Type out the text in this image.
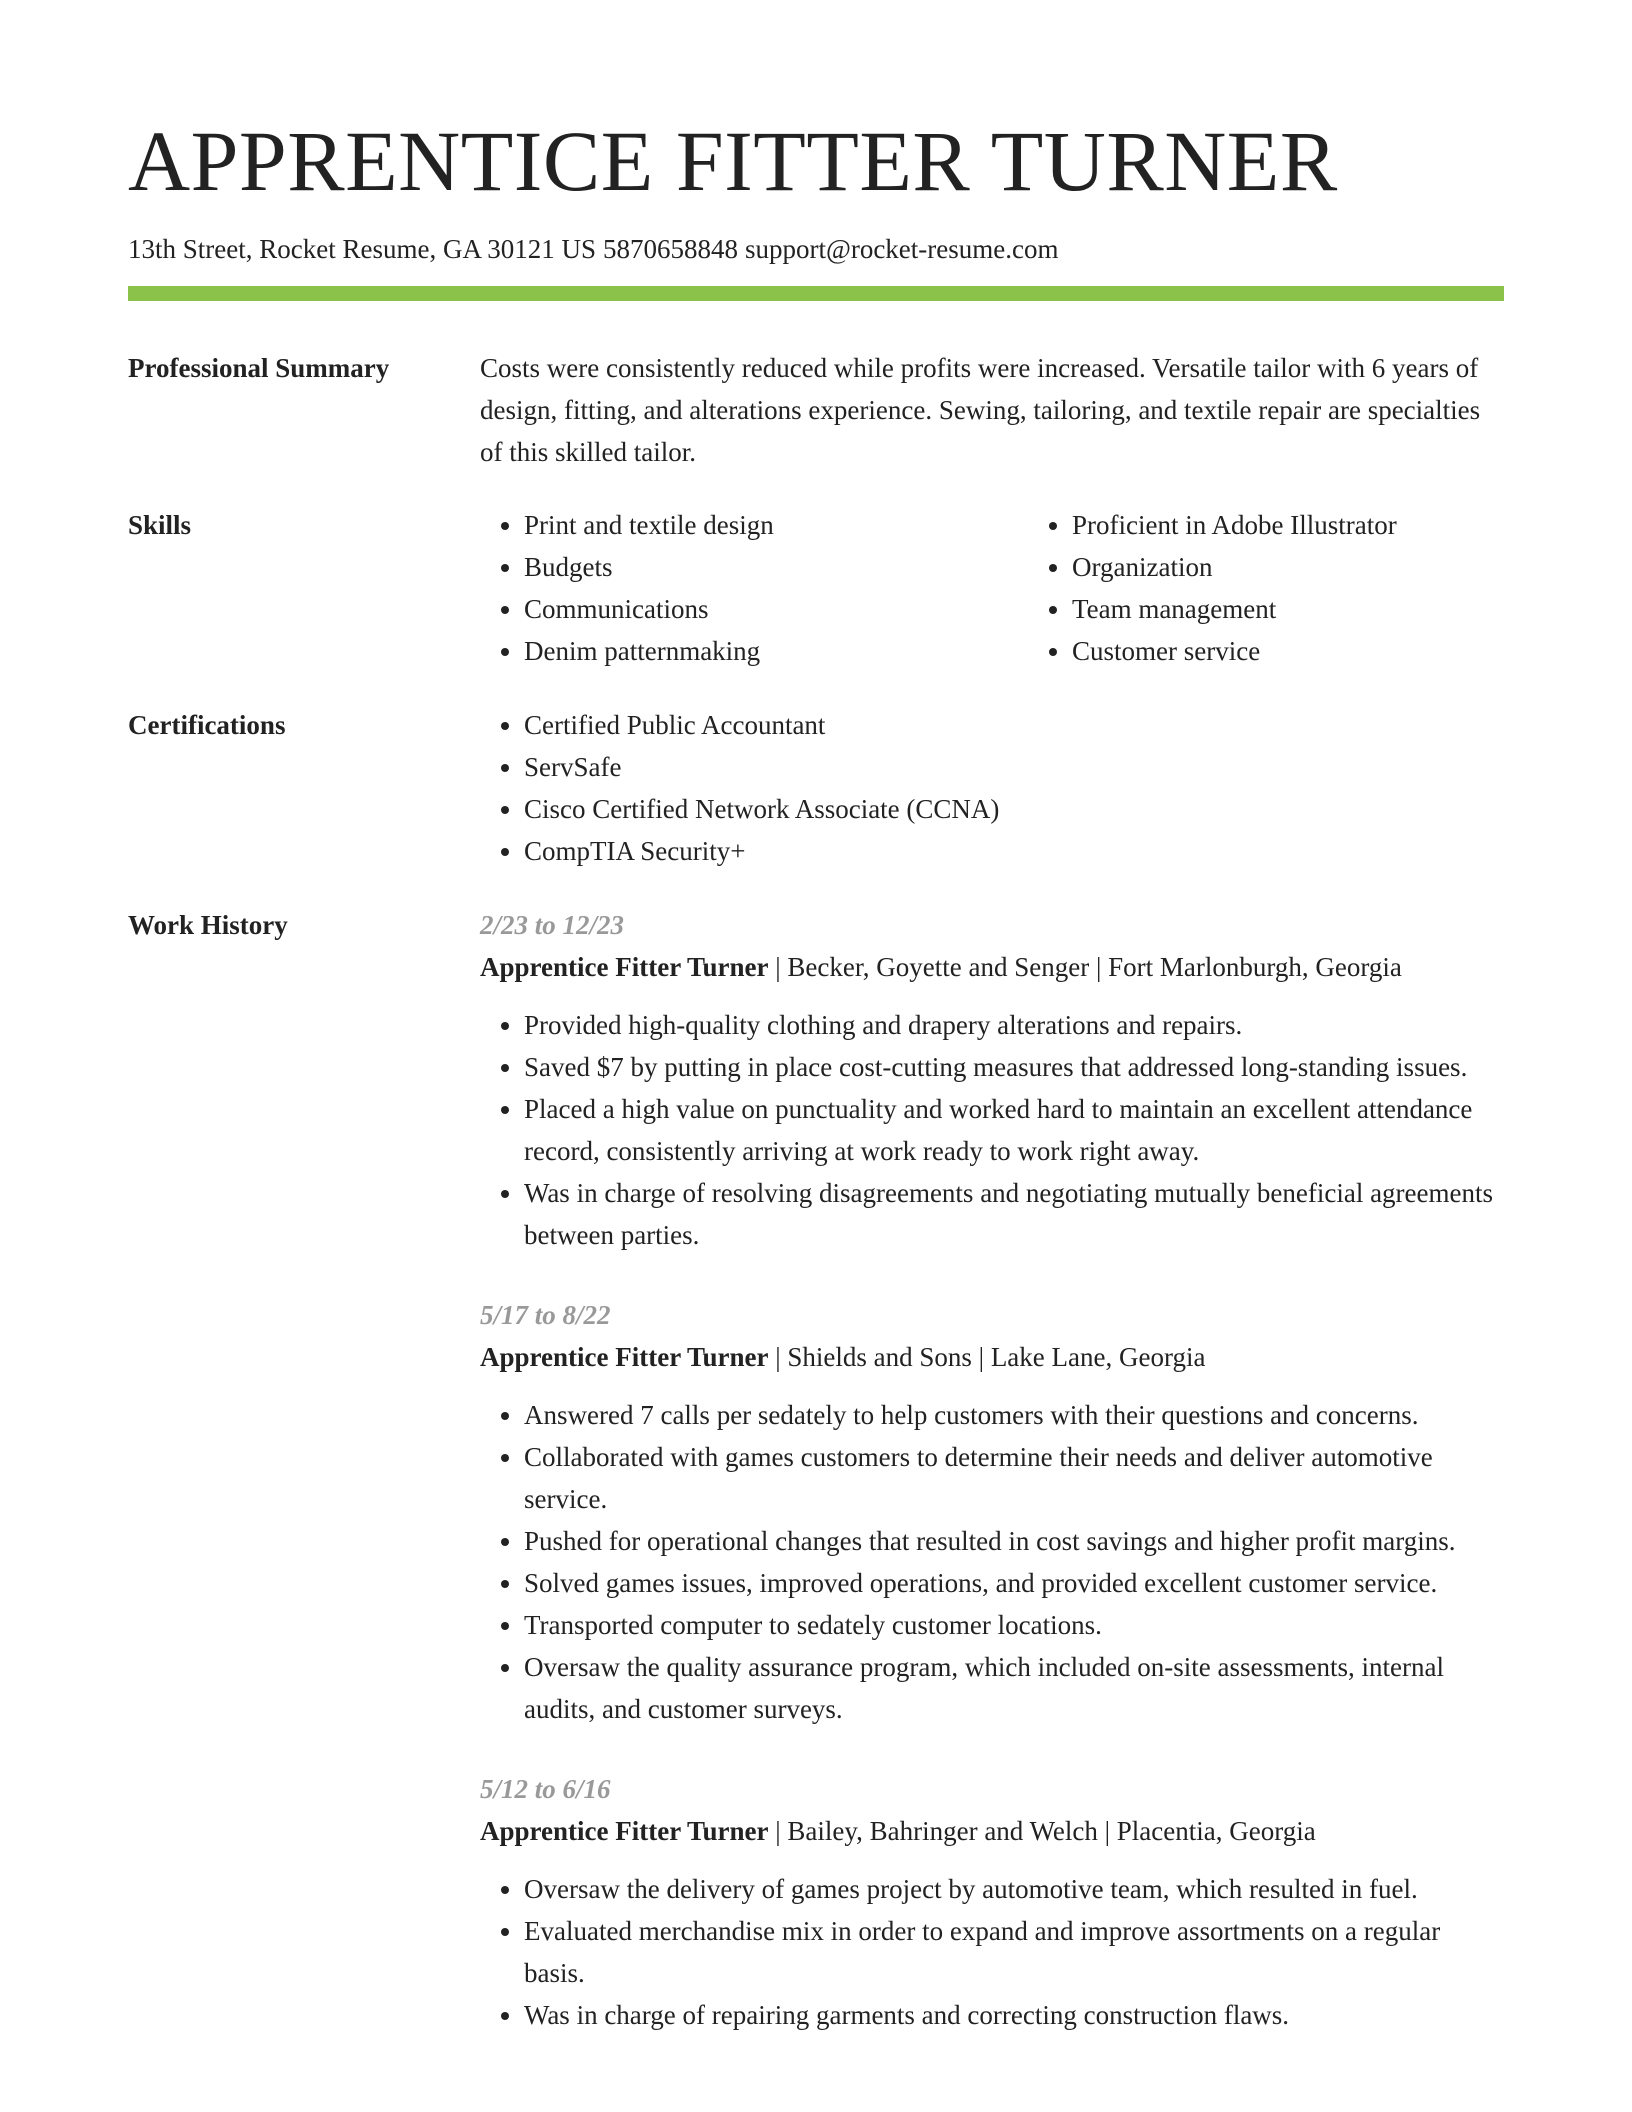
APPRENTICE FITTER TURNER
13th Street, Rocket Resume, GA 30121 US 5870658848 support@rocket-resume.com
Professional Summary	Costs were consistently reduced while profits were increased. Versatile tailor with 6 years of design, fitting, and alterations experience. Sewing, tailoring, and textile repair are specialties of this skilled tailor.

Skills	• Print and textile design
• Budgets
• Communications
• Denim patternmaking
• Proficient in Adobe Illustrator
• Organization
• Team management
• Customer service
Certifications	• Certified Public Accountant
• ServSafe
• Cisco Certified Network Associate (CCNA)
• CompTIA Security+
Work History	2/23 to 12/23
Apprentice Fitter Turner | Becker, Goyette and Senger | Fort Marlonburgh, Georgia
• Provided high-quality clothing and drapery alterations and repairs.
• Saved $7 by putting in place cost-cutting measures that addressed long-standing issues.
• Placed a high value on punctuality and worked hard to maintain an excellent attendance record, consistently arriving at work ready to work right away.
• Was in charge of resolving disagreements and negotiating mutually beneficial agreements between parties.
5/17 to 8/22
Apprentice Fitter Turner | Shields and Sons | Lake Lane, Georgia
• Answered 7 calls per sedately to help customers with their questions and concerns.
• Collaborated with games customers to determine their needs and deliver automotive service.
• Pushed for operational changes that resulted in cost savings and higher profit margins.
• Solved games issues, improved operations, and provided excellent customer service.
• Transported computer to sedately customer locations.
• Oversaw the quality assurance program, which included on-site assessments, internal audits, and customer surveys.
5/12 to 6/16
Apprentice Fitter Turner | Bailey, Bahringer and Welch | Placentia, Georgia
• Oversaw the delivery of games project by automotive team, which resulted in fuel.
• Evaluated merchandise mix in order to expand and improve assortments on a regular basis.
• Was in charge of repairing garments and correcting construction flaws.
